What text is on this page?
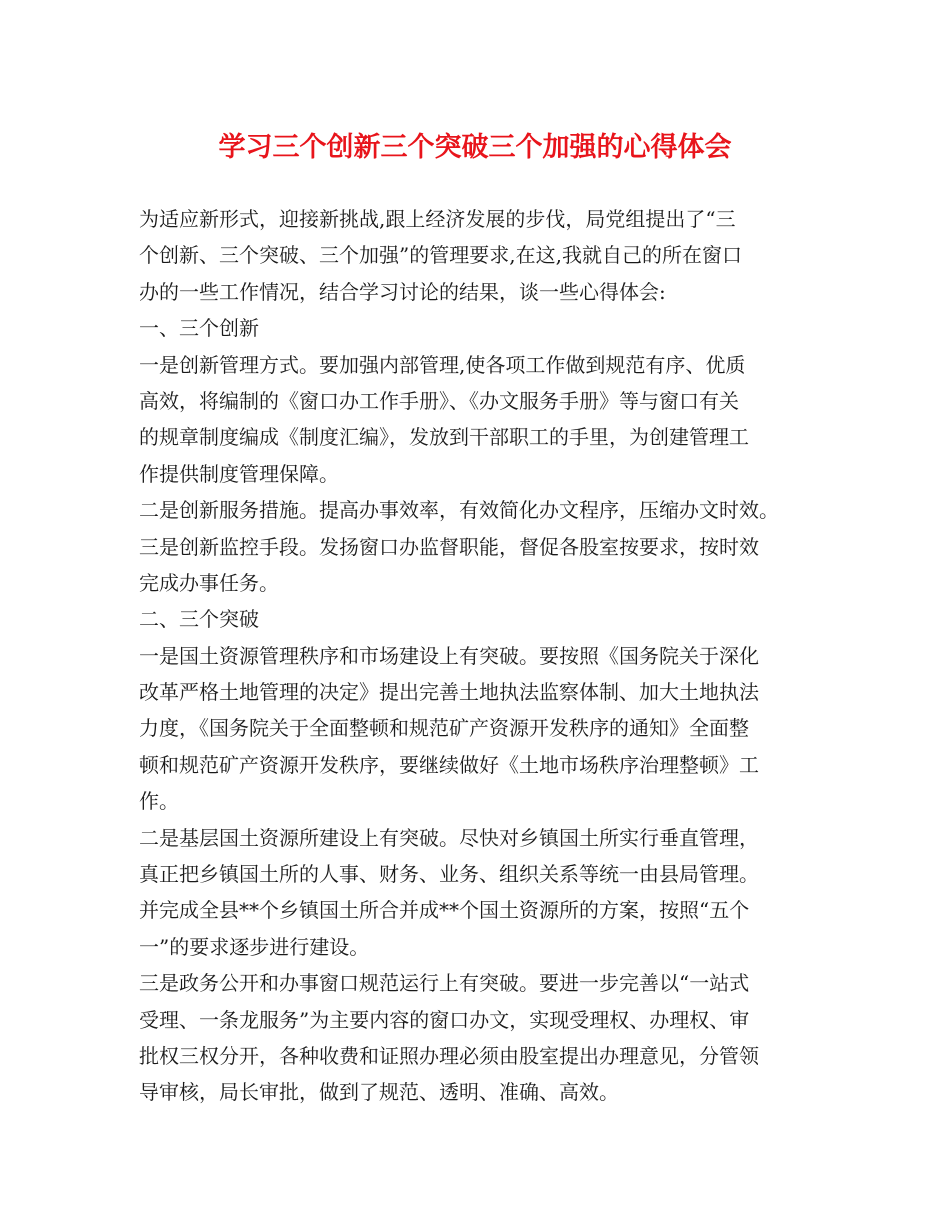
学习三个创新三个突破三个加强的心得体会
为适应新形式，迎接新挑战,跟上经济发展的步伐，局党组提出了“三
个创新、三个突破、三个加强”的管理要求,在这,我就自己的所在窗口
办的一些工作情况，结合学习讨论的结果，谈一些心得体会:
一、三个创新
一是创新管理方式。要加强内部管理,使各项工作做到规范有序、优质
高效，将编制的《窗口办工作手册》、《办文服务手册》等与窗口有关
的规章制度编成《制度汇编》，发放到干部职工的手里，为创建管理工
作提供制度管理保障。
二是创新服务措施。提高办事效率，有效简化办文程序，压缩办文时效。
三是创新监控手段。发扬窗口办监督职能，督促各股室按要求，按时效
完成办事任务。
二、三个突破
一是国土资源管理秩序和市场建设上有突破。要按照《国务院关于深化
改革严格土地管理的决定》提出完善土地执法监察体制、加大土地执法
力度，《国务院关于全面整顿和规范矿产资源开发秩序的通知》全面整
顿和规范矿产资源开发秩序，要继续做好《土地市场秩序治理整顿》工
作。
二是基层国土资源所建设上有突破。尽快对乡镇国土所实行垂直管理，
真正把乡镇国土所的人事、财务、业务、组织关系等统一由县局管理。
并完成全县**个乡镇国土所合并成**个国土资源所的方案，按照“五个
一”的要求逐步进行建设。
三是政务公开和办事窗口规范运行上有突破。要进一步完善以“一站式
受理、一条龙服务”为主要内容的窗口办文，实现受理权、办理权、审
批权三权分开，各种收费和证照办理必须由股室提出办理意见，分管领
导审核，局长审批，做到了规范、透明、准确、高效。
